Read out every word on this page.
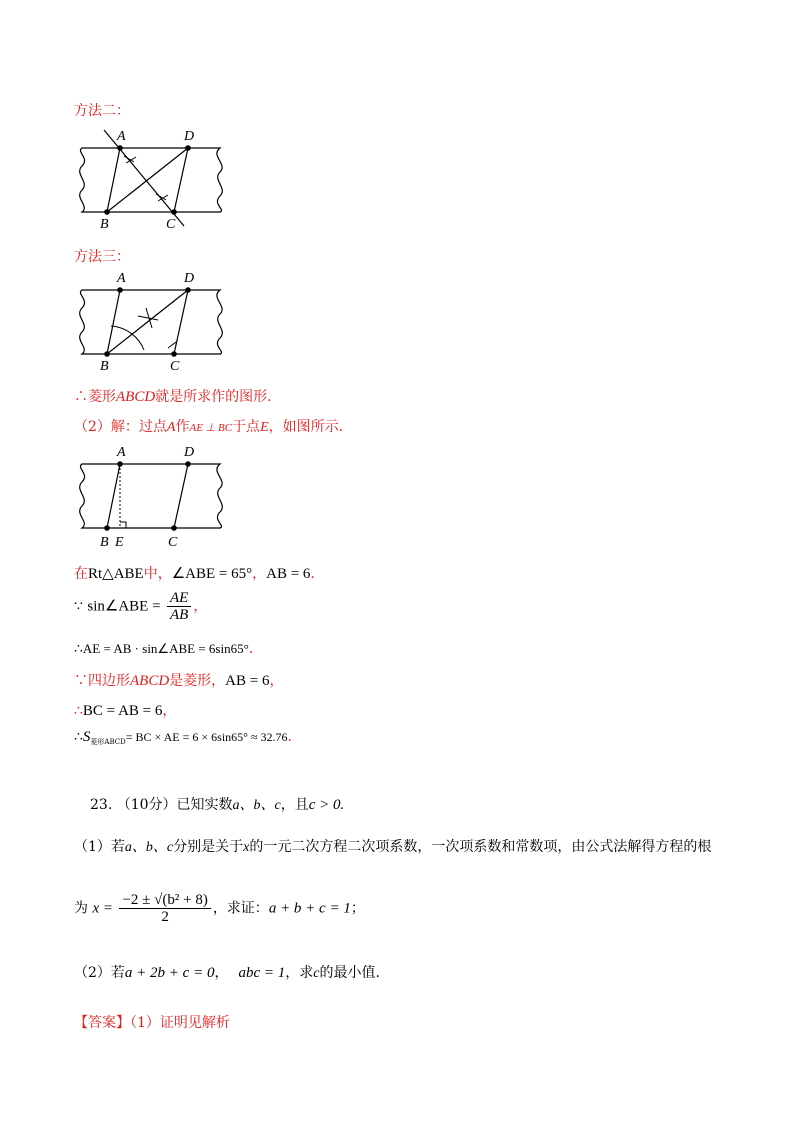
方法二：
A	D
B	C
方法三：
A	D
B	C
∴菱形ABCD就是所求作的图形.
（2）解：过点A作AE ⊥ BC于点E，如图所示.
A	D
B E	C
在Rt△ABE中，∠ABE = 65°，AB = 6.
∵ sin∠ABE = $\frac{AE}{AB}$ ，
∴AE = AB · sin∠ABE = 6sin65°.
∵四边形ABCD是菱形，AB = 6，
∴BC = AB = 6，
$\therefore S_{菱形ABCD}=$ BC × AE = 6 × 6sin65° ≈ 32.76.
23. （10分）已知实数a、b、c，且c > 0.
（1）若a、b、c分别是关于x的一元二次方程二次项系数，一次项系数和常数项，由公式法解得方程的根
为 $x = \frac{\text{−2 ± √(b² + 8)}}{2}$ ，求证：a + b + c = 1；
（2）若a + 2b + c = 0， abc = 1，求c的最小值.
【答案】（1）证明见解析
